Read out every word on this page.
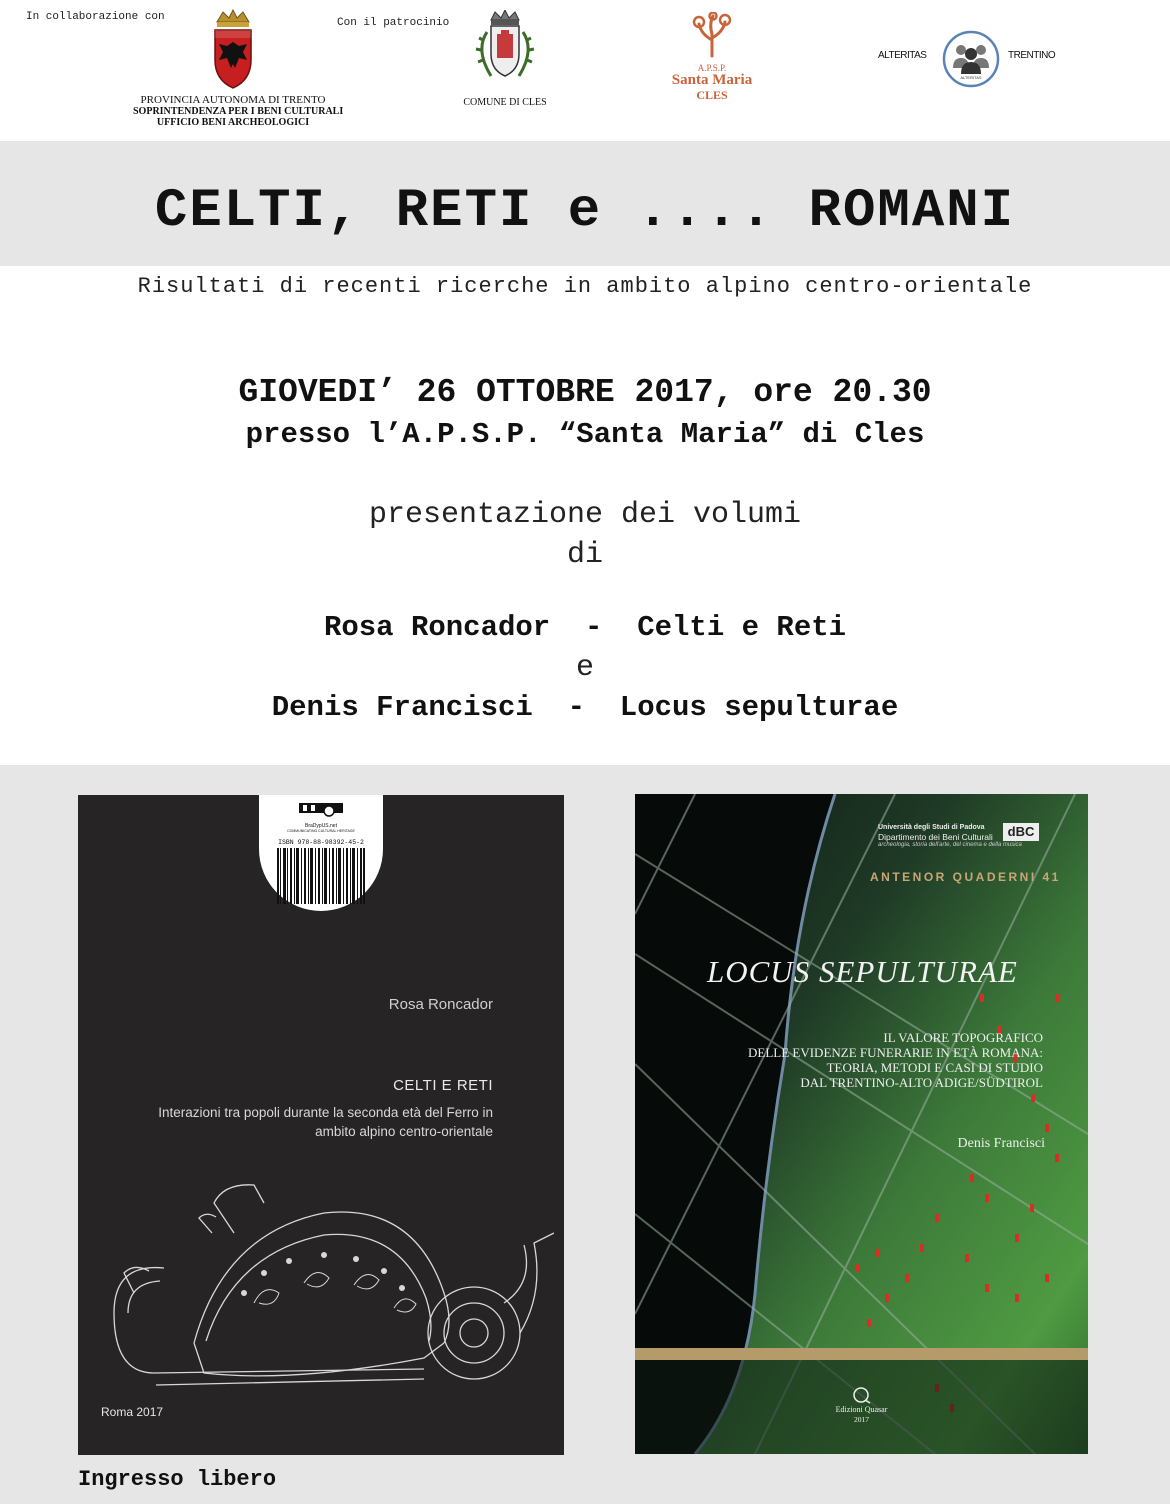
In collaborazione con	Con il patrocinio
PROVINCIA AUTONOMA DI TRENTO
SOPRINTENDENZA PER I BENI CULTURALI
UFFICIO BENI ARCHEOLOGICI
COMUNE DI CLES
A.P.S.P.
Santa Maria
CLES
ALTERITAS
ALTERITAS
TRENTINO
CELTI, RETI e .... ROMANI
Risultati di recenti ricerche in ambito alpino centro-orientale
GIOVEDI’ 26 OTTOBRE 2017, ore 20.30
presso l’A.P.S.P. “Santa Maria” di Cles
presentazione dei volumi
di
Rosa Roncador  -  Celti e Reti
e
Denis Francisci  -  Locus sepulturae
BraDypUS.net
COMMUNICATING CULTURAL HERITAGE
ISBN 978-88-98392-45-2
Rosa Roncador
CELTI E RETI
Interazioni tra popoli durante la seconda età del Ferro in
ambito alpino centro-orientale
Roma 2017
Università degli Studi di Padova
Dipartimento dei Beni Culturali
archeologia, storia dell'arte, del cinema e della musica
dBC
ANTENOR QUADERNI 41
LOCUS SEPULTURAE
IL VALORE TOPOGRAFICO
DELLE EVIDENZE FUNERARIE IN ETÀ ROMANA:
TEORIA, METODI E CASI DI STUDIO
DAL TRENTINO-ALTO ADIGE/SÜDTIROL
Denis Francisci
Edizioni Quasar
2017
Ingresso libero
